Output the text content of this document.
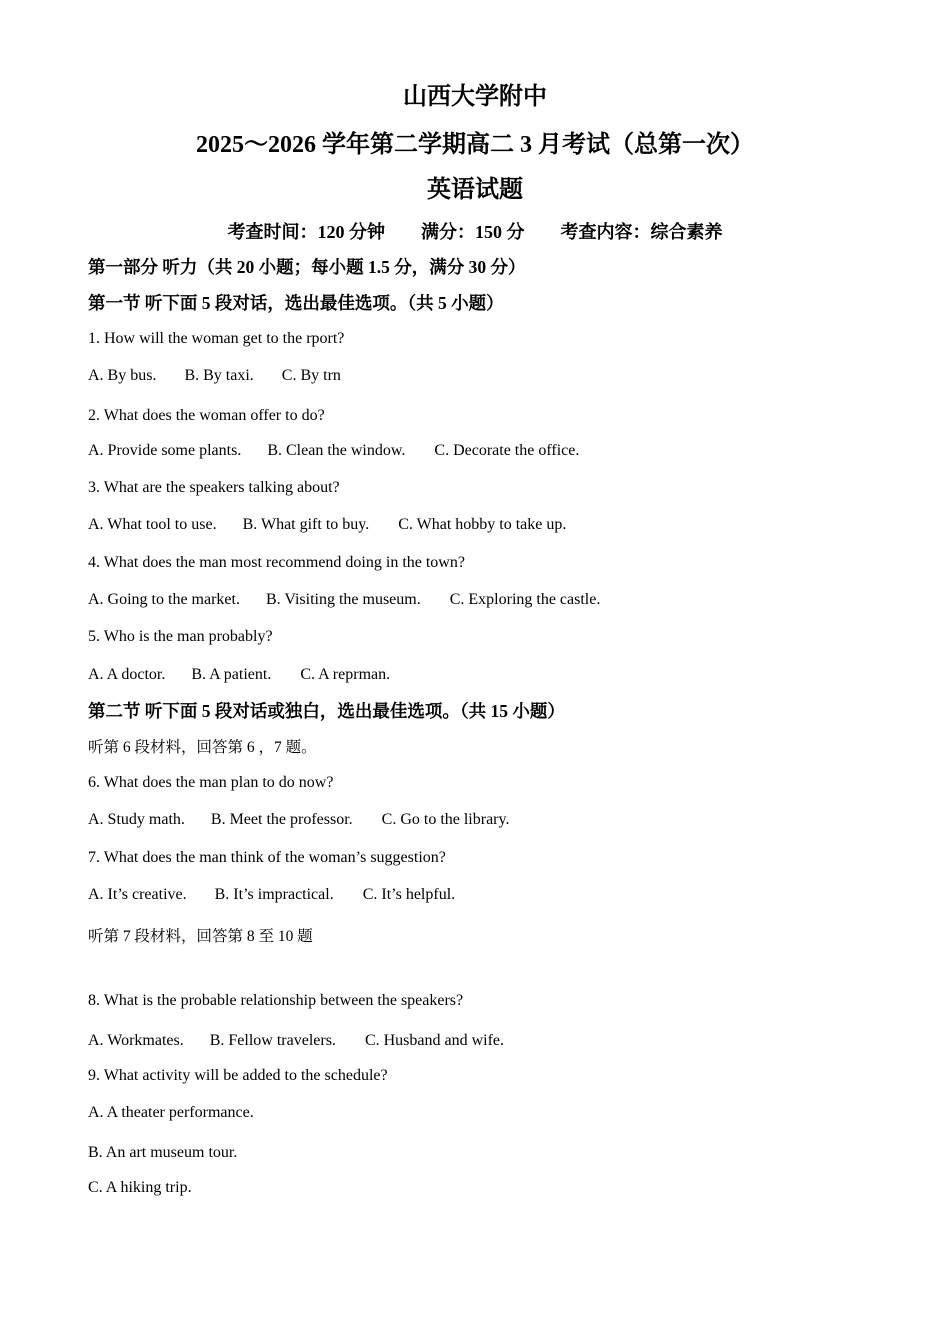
山西大学附中
2025～2026 学年第二学期高二 3 月考试（总第一次）
英语试题
考查时间：120 分钟 满分：150 分 考查内容：综合素养
第一部分 听力（共 20 小题；每小题 1.5 分，满分 30 分）
第一节 听下面 5 段对话，选出最佳选项。（共 5 小题）
1. How will the woman get to the rport?
A. By bus. B. By taxi. C. By trn
2. What does the woman offer to do?
A. Provide some plants. B. Clean the window. C. Decorate the office.
3. What are the speakers talking about?
A. What tool to use. B. What gift to buy. C. What hobby to take up.
4. What does the man most recommend doing in the town?
A. Going to the market. B. Visiting the museum. C. Exploring the castle.
5. Who is the man probably?
A. A doctor. B. A patient. C. A reprman.
第二节 听下面 5 段对话或独白，选出最佳选项。（共 15 小题）
听第 6 段材料，回答第 6 ，7 题。
6. What does the man plan to do now?
A. Study math. B. Meet the professor. C. Go to the library.
7. What does the man think of the woman’s suggestion?
A. It’s creative. B. It’s impractical. C. It’s helpful.
听第 7 段材料，回答第 8 至 10 题
8. What is the probable relationship between the speakers?
A. Workmates. B. Fellow travelers. C. Husband and wife.
9. What activity will be added to the schedule?
A. A theater performance.
B. An art museum tour.
C. A hiking trip.
